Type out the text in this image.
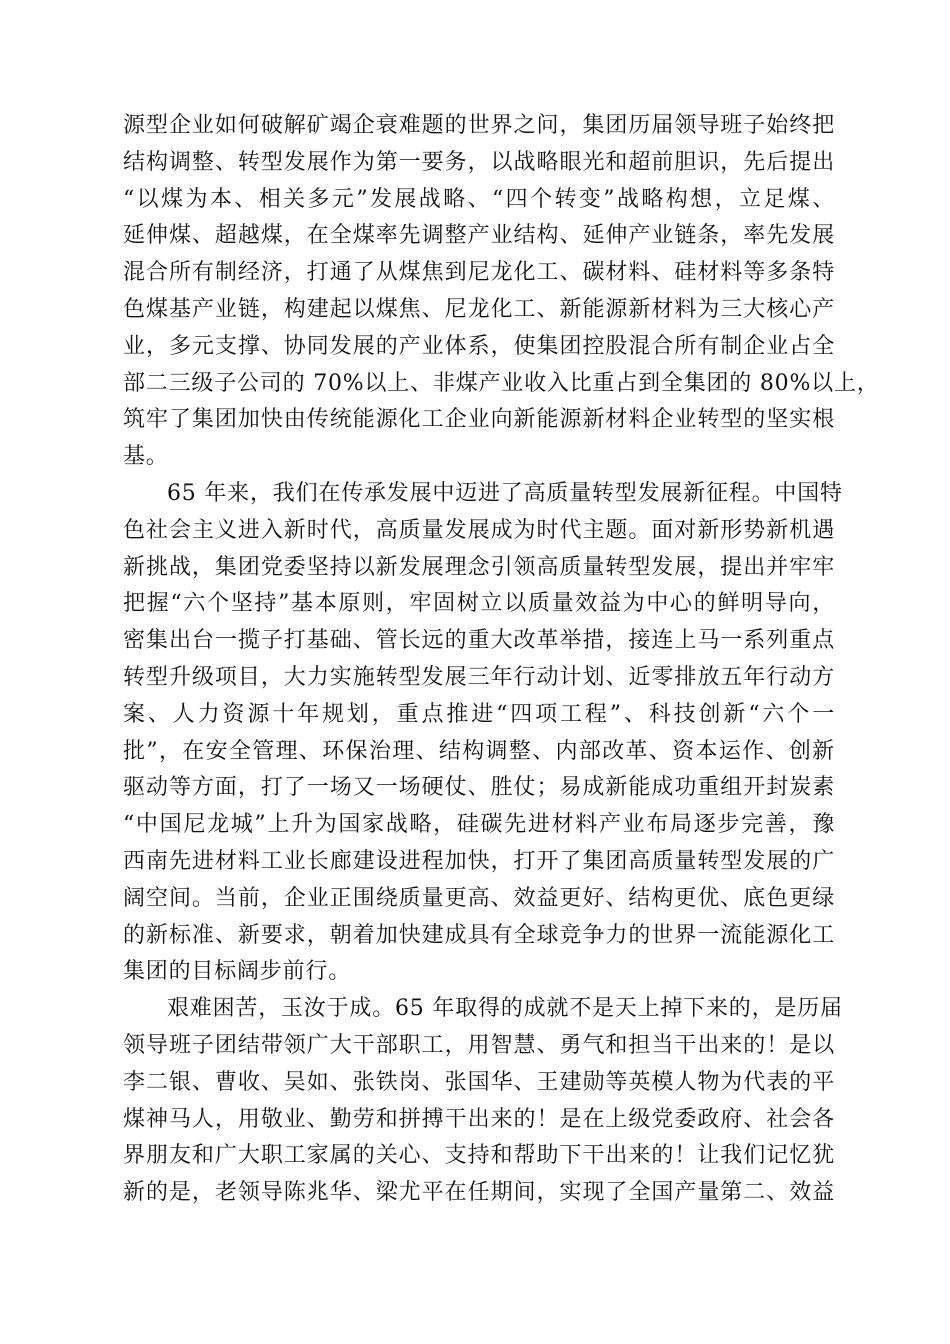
源型企业如何破解矿竭企衰难题的世界之问，集团历届领导班子始终把
结构调整、转型发展作为第一要务，以战略眼光和超前胆识，先后提出
“以煤为本、相关多元”发展战略、“四个转变”战略构想，立足煤、
延伸煤、超越煤，在全煤率先调整产业结构、延伸产业链条，率先发展
混合所有制经济，打通了从煤焦到尼龙化工、碳材料、硅材料等多条特
色煤基产业链，构建起以煤焦、尼龙化工、新能源新材料为三大核心产
业，多元支撑、协同发展的产业体系，使集团控股混合所有制企业占全
部二三级子公司的 70%以上、非煤产业收入比重占到全集团的 80%以上，
筑牢了集团加快由传统能源化工企业向新能源新材料企业转型的坚实根
基。
65 年来，我们在传承发展中迈进了高质量转型发展新征程。中国特
色社会主义进入新时代，高质量发展成为时代主题。面对新形势新机遇
新挑战，集团党委坚持以新发展理念引领高质量转型发展，提出并牢牢
把握“六个坚持”基本原则，牢固树立以质量效益为中心的鲜明导向，
密集出台一揽子打基础、管长远的重大改革举措，接连上马一系列重点
转型升级项目，大力实施转型发展三年行动计划、近零排放五年行动方
案、人力资源十年规划，重点推进“四项工程”、科技创新“六个一
批”，在安全管理、环保治理、结构调整、内部改革、资本运作、创新
驱动等方面，打了一场又一场硬仗、胜仗；易成新能成功重组开封炭素
“中国尼龙城”上升为国家战略，硅碳先进材料产业布局逐步完善，豫
西南先进材料工业长廊建设进程加快，打开了集团高质量转型发展的广
阔空间。当前，企业正围绕质量更高、效益更好、结构更优、底色更绿
的新标准、新要求，朝着加快建成具有全球竞争力的世界一流能源化工
集团的目标阔步前行。
艰难困苦，玉汝于成。65 年取得的成就不是天上掉下来的，是历届
领导班子团结带领广大干部职工，用智慧、勇气和担当干出来的！是以
李二银、曹收、吴如、张铁岗、张国华、王建勋等英模人物为代表的平
煤神马人，用敬业、勤劳和拼搏干出来的！是在上级党委政府、社会各
界朋友和广大职工家属的关心、支持和帮助下干出来的！让我们记忆犹
新的是，老领导陈兆华、梁尤平在任期间，实现了全国产量第二、效益
